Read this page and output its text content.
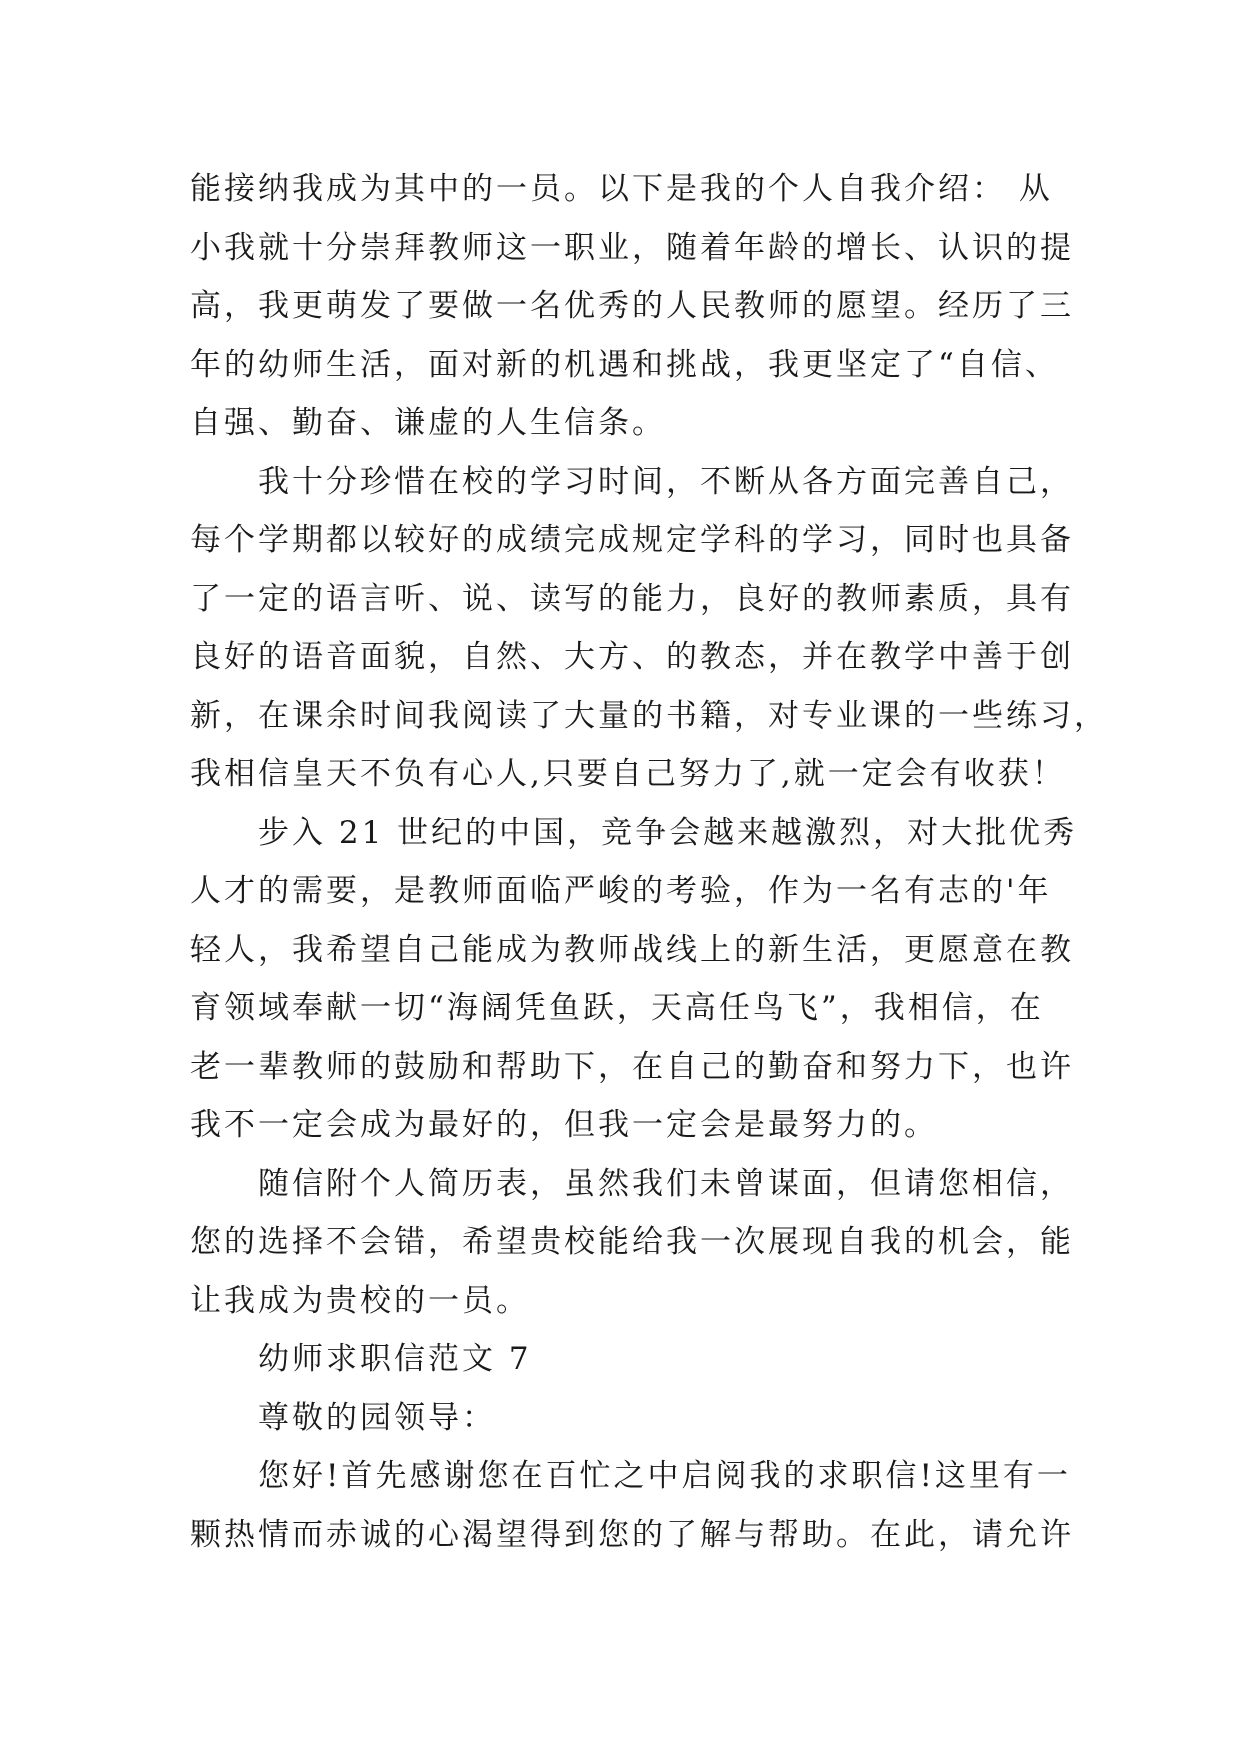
能接纳我成为其中的一员。以下是我的个人自我介绍： 从
小我就十分崇拜教师这一职业，随着年龄的增长、认识的提
高，我更萌发了要做一名优秀的人民教师的愿望。经历了三
年的幼师生活，面对新的机遇和挑战，我更坚定了“自信、
自强、勤奋、谦虚的人生信条。
我十分珍惜在校的学习时间，不断从各方面完善自己，
每个学期都以较好的成绩完成规定学科的学习，同时也具备
了一定的语言听、说、读写的能力，良好的教师素质，具有
良好的语音面貌，自然、大方、的教态，并在教学中善于创
新，在课余时间我阅读了大量的书籍，对专业课的一些练习，
我相信皇天不负有心人,只要自己努力了,就一定会有收获！
步入 21 世纪的中国，竞争会越来越激烈，对大批优秀
人才的需要，是教师面临严峻的考验，作为一名有志的'年
轻人，我希望自己能成为教师战线上的新生活，更愿意在教
育领域奉献一切“海阔凭鱼跃，天高任鸟飞”，我相信，在
老一辈教师的鼓励和帮助下，在自己的勤奋和努力下，也许
我不一定会成为最好的，但我一定会是最努力的。
随信附个人简历表，虽然我们未曾谋面，但请您相信，
您的选择不会错，希望贵校能给我一次展现自我的机会，能
让我成为贵校的一员。
幼师求职信范文 7
尊敬的园领导：
您好!首先感谢您在百忙之中启阅我的求职信!这里有一
颗热情而赤诚的心渴望得到您的了解与帮助。在此，请允许
